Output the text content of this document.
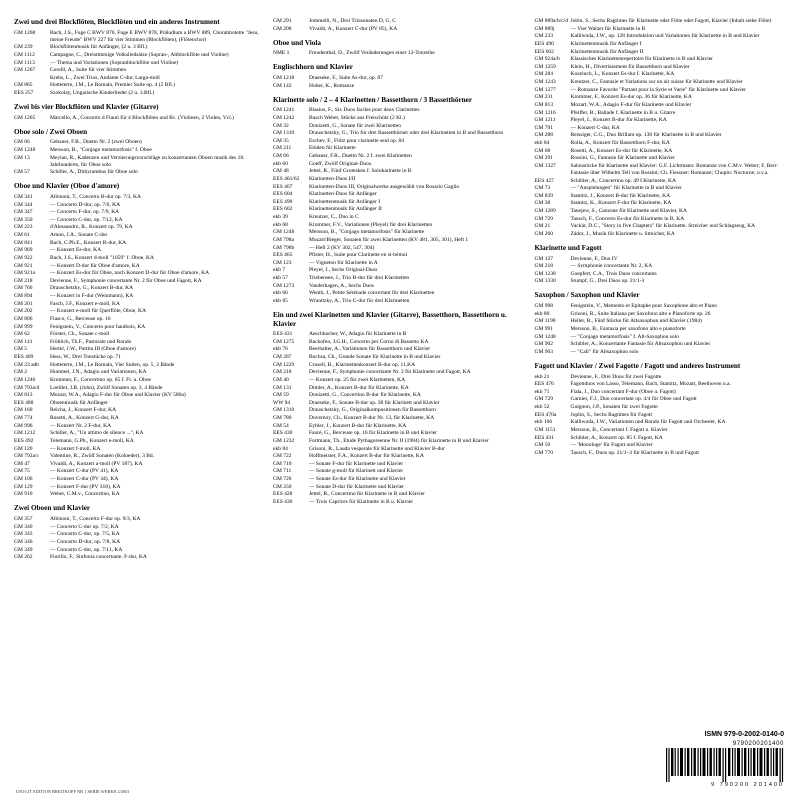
Zwei und drei Blockflöten, Blockflöten und ein anderes Instrument
GM 1268	Bach, J.S., Fuge C BWV 876, Fuge E BWV 878, Präludium a BWV 889, Choralmotette "Jesu, meine Freude" BWV 227 für vier Stimmen (Blockflöten), (Flötenchor)
GM 239	Blockflötenmusik für Anfänger, (2 u. 3 Bfl.)
GM 1112	Campagne, C., Dreistimmige Volksliedsätze (Sopran-, Altblockflöte und Violine)
GM 1113	— Thema und Variationen (Sopranblockflöte und Violine)
GM 1267	Corelli, A., Suite für vier Stimmen
Krebs, L., Zwei Trios, Andante C-dur, Larga-moll
GM 865	Hotteterre, J.M., Le Romain, Premier Suite op. 4 (2 Bfl.)
EES 257	Szokolay, Ungarische Kinderlieder (2 u. 3.Bfl.)
Zwei bis vier Blockflöten und Klavier (Gitarre)
GM 1265	Marcello, A., Concerto d Flauti für 4 Blockflöten und Bc. (Violinen, 2 Violen, Vcl.)
Oboe solo / Zwei Oboen
GM 66	Gebauer, F.R., Duetto Nr. 2 (zwei Oboen)
GM 1248	Mersson, B., "Conjago metamorfosis" f. Oboe
GM 13	Meylan, R., Kadenzen und Verzierungsvorschläge zu konzertanten Oboen musik des 18. Jahrhunderts, für Oboe solo
GM 57	Schiller, A., Dithyrambus für Oboe solo
Oboe und Klavier (Oboe d'amore)
GM 341	Albinoni, T., Concerto B-dur op. 7/3, KA
GM 344	— Concerto D-dur, op. 7/6, KA
GM 347	— Concerto F-dur, op. 7/9, KA
GM 350	— Concerto C-dur, op. 7/12, KA
GM 223	d'Alessandro, R., Konzert op. 79, KA
GM 61	Amon, J.A., Sonate C-dur
GM 841	Bach, C.Ph.E., Konzert B-dur, KA
GM 969	— Konzert Es-dur, KA
GM 922	Bach, J.S., Konzert d-moll "1059" f. Oboe, KA
GM 921	— Konzert D-dur für Oboe d'amore, KA
GM 921a	— Konzert Es-dur für Oboe, nach Konzert D-dur für Oboe d'amore, KA
GM 218	Devienne, F., Symphonie concertante Nr. 2 für Oboe und Fagott, KA
GM 766	Drauschetzky, G., Konzert B-dur, KA
GM 894	— Konzert in F-dur (Weinmann), KA
GM 201	Fasch, J.F., Konzert e-moll, KA
GM 202	— Konzert e-moll für Querflöte, Oboe, KA
GM 806	Fiasco, G., Berceuse op. 16
GM 999	Fenigstein, V., Concerto pour hautbois, KA
GM 62	Förster, Ch., Sonate c-moll
GM 141	Fröhlich, Th.F., Pastorale und Rondo
GM 5	Hertel, J.W., Partita III (Oboe d'amore)
EES 469	Hess, W., Drei Tonstücke op. 71
GM 23 adb	Hotteterre, J.M., Le Romain, Vier Suiten, op. 5, 2 Bände
GM 2	Hummel, J.N., Adagio und Variationen, KA
GM 1246	Krommer, F., Concertino op. 65 f. Fl. u. Oboe
GM 793a/d	Loeillet, J.B. (John), Zwölf Sonaten op. 3, 4 Bände
GM 813	Mozart, W.A., Adagio F-dur für Oboe und Klavier (KV 580a)
EES 488	Oboenmusik für Anfänger
GM 160	Reicha, J., Konzert F-dur, KA
GM 774	Rosetti, A., Konzert G-dur, KA
GM 996	— Konzert Nr. 2 F-dur, KA
GM 1212	Schiller, A., "Un attimo de silence ...", KA
EES 492	Telemann, G.Ph., Konzert e-moll, KA
GM 120	— Konzert f-moll, KA
GM 792a/c	Valentine, R., Zwölf Sonaten (Kolneder), 3 Bd.
GM 47	Vivaldi, A., Konzert a-moll (PV 187), KA
GM 75	— Konzert C-dur (PV 41), KA
GM 106	— Konzert C-dur (PV 44), KA
GM 129	— Konzert F-dur (PV 318), KA
GM 910	Weber, C.M.v., Concertino, KA
Zwei Oboen und Klavier
GM 357	Albinoni, T., Concerto F-dur op. 9/3, KA
GM 340	— Concerto C-dur op. 7/2, KA
GM 343	— Concerto C-dur, op. 7/5, KA
GM 346	— Concerto D-dur, op. 7/8, KA
GM 349	— Concerto C-dur, op. 7/11, KA
GM 262	Fiorillo, F., Sinfonia concertante, F-dur, KA
GM 291	Jommelli, N., Drei Triosonaten D, G, C
GM 208	Vivaldi, A., Konzert C-dur (PV 85), KA
Oboe und Viola
NME 1	Freudenthal, D., Zwölf Veränderungen einer 12-Tonreihe
Englischhorn und Klavier
GM 1218	Draeseke, F., Suite As-dur, op. 87
GM 142	Huber, K., Romanze
Klarinette solo / 2 – 4 Klarinetten / Bassetthorn / 3 Bassetthörner
GM 1241	Blasius, F., Six Duos faciles pour deux Clarinettes
GM 1242	Busch Weber, Stücke aus Freischütz (2 Kl.)
GM 32	Donizetti, G., Sonate für zwei Klarinetten
GM 1310	Drauschetzky, G., Trio für drei Bassetthörner oder drei Klarinetten in B und Bassetthorn
GM 35	Eschev, F., Flötz pour clarinette seul op. 84
GM 211	Etüden für Klarinette
GM 66	Gebauer, F.R., Duetto Nr. 2 f. zwei Klarinetten
ekb 60	Goeff, Zwölf Original-Duos.
GM 48	Jettel, R., Fünf Grotesken f. Solokarinette in B
EES 461/62	Klarinetten-Duos I/II
EES 467	Klarinetten-Duos III, Originalwerke ausgewählt von Rosario Gaglio
EES 604	Klarinetten-Duos für Anfänger
EES 490	Klarinettenmusik für Anfänger I
EES 602	Klarinettenmusik für Anfänger II
ekb 39	Kreutzer, C., Duo in C
ekb 68	Krommer, F.V., Variationen (Pleyel) für drei Klarinetten
GM 1248	Mersson, B., "Conjago metamorfosis" für Klarinette
GM 798a	Mozart/Bieger, Sonaten für zwei Klarinetten (KV 481, 305, 301), Heft 1
GM 798b	— Heft 2 (KV 302, 547, 304)
EES 465	Pfister, H., Suite pour Clarinette en si-bémol
GM 123	— Vigneton für Klarinette in A
ekb 7	Pleyel, I., Sechs Original-Duos
ekb 57	Triebensee, J., Trio B-dur für drei Klarinetten
GM 1273	Vanderhagen, A., Sechs Duos
ekb 66	Wenth, J., Petite Sérénade concertant für drei Klarinetten
ekb 85	Wranitzky, A., Trio C-dur für drei Klarinetten
Ein und zwei Klarinetten und Klavier (Gitarre), Bassetthorn, Bassetthorn u. Klavier
EES 431	Aeschbacher, W., Adagio für Klarinette in B
GM 1275	Backofen, J.G.H., Concerto per Corno di Bassetto KA
ekb 76	Beerhalter, A., Variationen für Bassetthorn und Klavier
GM 287	Bochsa, Ch., Grande Sonate für Klarinette in B und Klavier
GM 1229	Crusell, B., Klarinettenkonzert B-dur op. 11,KA
GM 218	Devienne, F., Symphonie concertante Nr. 2 für Klarinette und Fagott, KA
GM 40	— Konzert op. 25 für zwei Klarinetten, KA
GM 131	Dimler, A., Konzert B-dur für Klarinette, KA
GM 59	Donizetti, G., Concertino B-dur für Klarinette, KA
WW 94	Draeseke, F., Sonate B-dur op. 38 für Klarinett und Klavier
GM 1310	Drauschetzky, G., Originalkompositionen für Bassetthorn
GM 780	Duvernoy, Ch., Konzert B-dur Nr. 13, für Klarinette, KA
GM 54	Eybler, J., Konzert B-dur für Klarinette, KA
EES 430	Fauré, G., Berceuse op. 16 für Klarinette in B und Klavier
GM 1232	Fortmann, Th., Etude Pythagoreenne Nr. II (1984) für Klarinette in B und Klavier
ekb 84	Grisoni, R., Lauda vesperale für Klarinette und Klavier B-dur
GM 722	Hoffmeister, F.A., Konzert B-dur für Klarinette, KA
GM 710	— Sonate F-dur für Klarinette und Klavier
GM 711	— Sonate g-moll für Klarinett und Klavier
GM 726	— Sonate Es-dur für Klarinette und Klavier
GM 250	— Sonate D-dur für Klarinette und Klavier
EES 428	Jettel, R., Concertino für Klarinette in B und Klavier
EES 430	— Trois Caprices für Klarinette in B u. Klavier
GM 889a/b/c/d Jobin, S., Sechs Ragtimes für Klarinette oder Flöte oder Fagott, Klavier (Inhalt siehe Flöte)
GM 889j	— Vier Walzer für Klarinette in B
GM 233	Kalliwoda, J.W., op. 128 Introduktion und Variationen für Klarinette in B und Klavier
EES 490	Klarinettenmusik für Anfänger I
EES 602	Klarinettenmusik für Anfänger II
GM 924a/b	Klassisches Klarinettenrepertoire für Klarinette in B und Klavier
GM 1259	Klein, H., Divertissement für Bassetthorn und Klavier
GM 284	Kozeluch, L., Konzert Es-dur f. Klarinette, KA
GM 1243	Kreutzer, C., Fantasie et Variations sur un air suisse für Klarinette und Klavier
GM 1277	— Romanze Favorite "Partant pour la Syrie et Varie" für Klarinette und Klavier
GM 231	Krommer, F., Konzert Es-dur op. 36 für Klarinette, KA
GM 813	Mozart, W.A., Adagio F-dur für Klarinette und Klavier
GM 1216	Pfeiffer, B., Ballade f. Klarinette in B u. Gitarre
GM 1211	Pleyel, I., Konzert B-dur für Klarinette, KA
GM 791	— Konzert C-dur, KA
GM 288	Reissiger, C.G., Duo Brillant op. 130 für Klarinette in B und Klavier
ekb 84	Rolla, A., Konzert für Bassetthorn F-dur, KA
GM 68	Rosetti, A., Konzert Es-dur für Klarinette, KA
GM 291	Rossini, G., Fantasie für Klarinette und Klavier
GM 1327	Salonstücke für Klarinette und Klavier: G.F. Lichtmann: Romanze von C.M.v. Weber; F. Berr: Fantasie über Wilhelm Tell von Rossini; Ch. Fiessner: Romanze; Chopin: Nocturne; u.v.a.
EES 427	Schibler, A., Concertino op. 49 f.Klarinette, KA
GM 73	— "Anspielungen" für Klarinette in B und Klavier
GM 839	Stamitz, J., Konzert B-dur für Klarinette, KA
GM 38	Stamitz, K., Konzert F-dur für Klarinette, KA
GM 1289	Tanejew, S., Canzone für Klarinette und Klavier, KA
GM 729	Tausch, F., Concerto Es-dur für Klarinette in B, KA
GM 21	Vackár, D.C., "Story in five Chapters" für Klarinette. Streicher und Schlagzeug, KA
GM 260	Zádor, J., Musik für Klarinette u. Streicher, KA
Klarinette und Fagott
GM 127	Devienne, F., Duo IV
GM 218	— Symphonie concertante Nr. 2, KA
GM 1238	Goepfert, C.A., Trois Duos concertants
GM 1330	Stumpf, G., Drei Duos op. 21/1-3
Saxophon / Saxophon und Klavier
GM 998	Fenigstein, V., Memento et Epitaphe pour Saxophone alto et Piano
ekb 80	Grisoni, R., Suite Italiana per Saxofono alto e Pianoforte op. 26
GM 1190	Heller, R., Fünf Stücke für Altsaxophon und Klavier (1984)
GM 991	Mersson, B., Fantasia per saxofono alto e pianoforte
GM 1248	— "Conjago metamorfosis" f. Alt-Saxophon solo
GM 902	Schibler, A., Konzertante Fantasie für Altsaxophon und Klavier
GM 903	— "Call" für Altsaxophon solo
Fagott und Klavier / Zwei Fagotte / Fagott und anderes Instrument
ekb 21	Devienne, F., Drei Duos für zwei Fagotte
EES 476	Fagottduos von Lasso, Telemann, Bach, Stamitz, Mozart, Beethoven u.a.
ekb 71	Fiala, J., Duo concertant F-dur (Oboe u. Fagott)
GM 729	Garnier, F.J., Duo concertant op. 4/4 für Oboe und Fagott
ekb 52	Guignon, J.P., Sonaten für zwei Fagotte
EES 470a	Joplin, S., Sechs Ragtimes für Fagott
ekb 106	Kalliwoda, J.W., Variationen und Rondo für Fagott und Orchester, KA
GM 1151	Mersson, B., Concertant f. Fagott u. Klavier
EES 431	Schibler, A., Konzert op. 85 f. Fagott, KA
GM 50	— 'Monologe' für Fagott und Klavier
GM 770	Tausch, F., Duos op. 21/1–3 für Klarinette in B und Fagott
ISMN 979-0-2002-0140-0
9790200201400
9 790200 201400
UNI-LIT EDITION BREITKOPF NR 1 SERIE WERKE 2/2001
